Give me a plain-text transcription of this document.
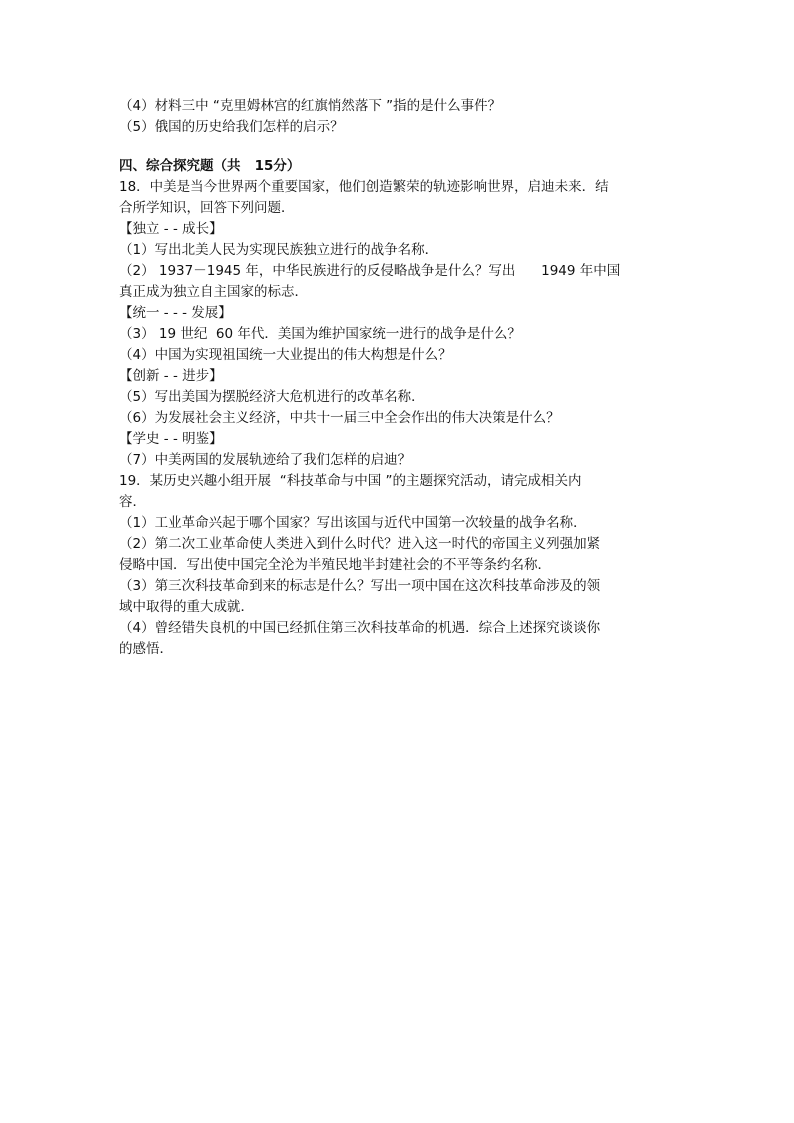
（4）材料三中 “克里姆林宫的红旗悄然落下 ”指的是什么事件？
（5）俄国的历史给我们怎样的启示？
四、综合探究题（共   15分）
18．中美是当今世界两个重要国家，他们创造繁荣的轨迹影响世界，启迪未来．结
合所学知识，回答下列问题．
【独立 - - 成长】
（1）写出北美人民为实现民族独立进行的战争名称．
（2） 1937－1945 年，中华民族进行的反侵略战争是什么？写出      1949 年中国
真正成为独立自主国家的标志．
【统一 - - - 发展】
（3） 19 世纪  60 年代．美国为维护国家统一进行的战争是什么？
（4）中国为实现祖国统一大业提出的伟大构想是什么？
【创新 - - 进步】
（5）写出美国为摆脱经济大危机进行的改革名称．
（6）为发展社会主义经济，中共十一届三中全会作出的伟大决策是什么？
【学史 - - 明鉴】
（7）中美两国的发展轨迹给了我们怎样的启迪？
19．某历史兴趣小组开展  “科技革命与中国 ”的主题探究活动，请完成相关内
容．
（1）工业革命兴起于哪个国家？写出该国与近代中国第一次较量的战争名称．
（2）第二次工业革命使人类进入到什么时代？进入这一时代的帝国主义列强加紧
侵略中国．写出使中国完全沦为半殖民地半封建社会的不平等条约名称．
（3）第三次科技革命到来的标志是什么？写出一项中国在这次科技革命涉及的领
域中取得的重大成就．
（4）曾经错失良机的中国已经抓住第三次科技革命的机遇．综合上述探究谈谈你
的感悟．
